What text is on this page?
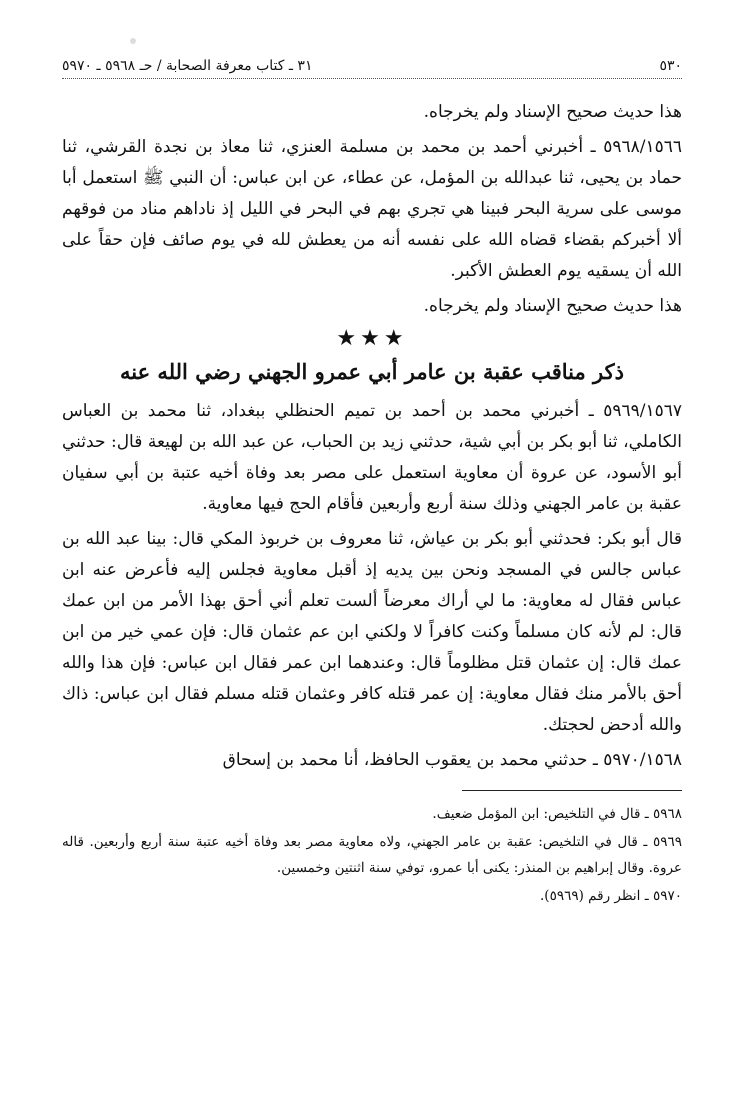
٥٣٠
٣١ ـ كتاب معرفة الصحابة / حـ ٥٩٦٨ ـ ٥٩٧٠

هذا حديث صحيح الإسناد ولم يخرجاه.

٥٩٦٨/١٥٦٦ ـ أخبرني أحمد بن محمد بن مسلمة العنزي، ثنا معاذ بن نجدة القرشي، ثنا حماد بن يحيى، ثنا عبدالله بن المؤمل، عن عطاء، عن ابن عباس: أن النبي ﷺ استعمل أبا موسى على سرية البحر فبينا هي تجري بهم في البحر في الليل إذ ناداهم مناد من فوقهم ألا أخبركم بقضاء قضاه الله على نفسه أنه من يعطش لله في يوم صائف فإن حقاً على الله أن يسقيه يوم العطش الأكبر.

هذا حديث صحيح الإسناد ولم يخرجاه.

★★★
ذكر مناقب عقبة بن عامر أبي عمرو الجهني رضي الله عنه

٥٩٦٩/١٥٦٧ ـ أخبرني محمد بن أحمد بن تميم الحنظلي ببغداد، ثنا محمد بن العباس الكاملي، ثنا أبو بكر بن أبي شية، حدثني زيد بن الحباب، عن عبد الله بن لهيعة قال: حدثني أبو الأسود، عن عروة أن معاوية استعمل على مصر بعد وفاة أخيه عتبة بن أبي سفيان عقبة بن عامر الجهني وذلك سنة أربع وأربعين فأقام الحج فيها معاوية.

قال أبو بكر: فحدثني أبو بكر بن عياش، ثنا معروف بن خربوذ المكي قال: بينا عبد الله بن عباس جالس في المسجد ونحن بين يديه إذ أقبل معاوية فجلس إليه فأعرض عنه ابن عباس فقال له معاوية: ما لي أراك معرضاً ألست تعلم أني أحق بهذا الأمر من ابن عمك قال: لم لأنه كان مسلماً وكنت كافراً لا ولكني ابن عم عثمان قال: فإن عمي خير من ابن عمك قال: إن عثمان قتل مظلوماً قال: وعندهما ابن عمر فقال ابن عباس: فإن هذا والله أحق بالأمر منك فقال معاوية: إن عمر قتله كافر وعثمان قتله مسلم فقال ابن عباس: ذاك والله أدحض لحجتك.

٥٩٧٠/١٥٦٨ ـ حدثني محمد بن يعقوب الحافظ، أنا محمد بن إسحاق

٥٩٦٨ ـ قال في التلخيص: ابن المؤمل ضعيف.

٥٩٦٩ ـ قال في التلخيص: عقبة بن عامر الجهني، ولاه معاوية مصر بعد وفاة أخيه عتبة سنة أربع وأربعين. قاله عروة. وقال إبراهيم بن المنذر: يكنى أبا عمرو، توفي سنة اثنتين وخمسين.

٥٩٧٠ ـ انظر رقم (٥٩٦٩).
